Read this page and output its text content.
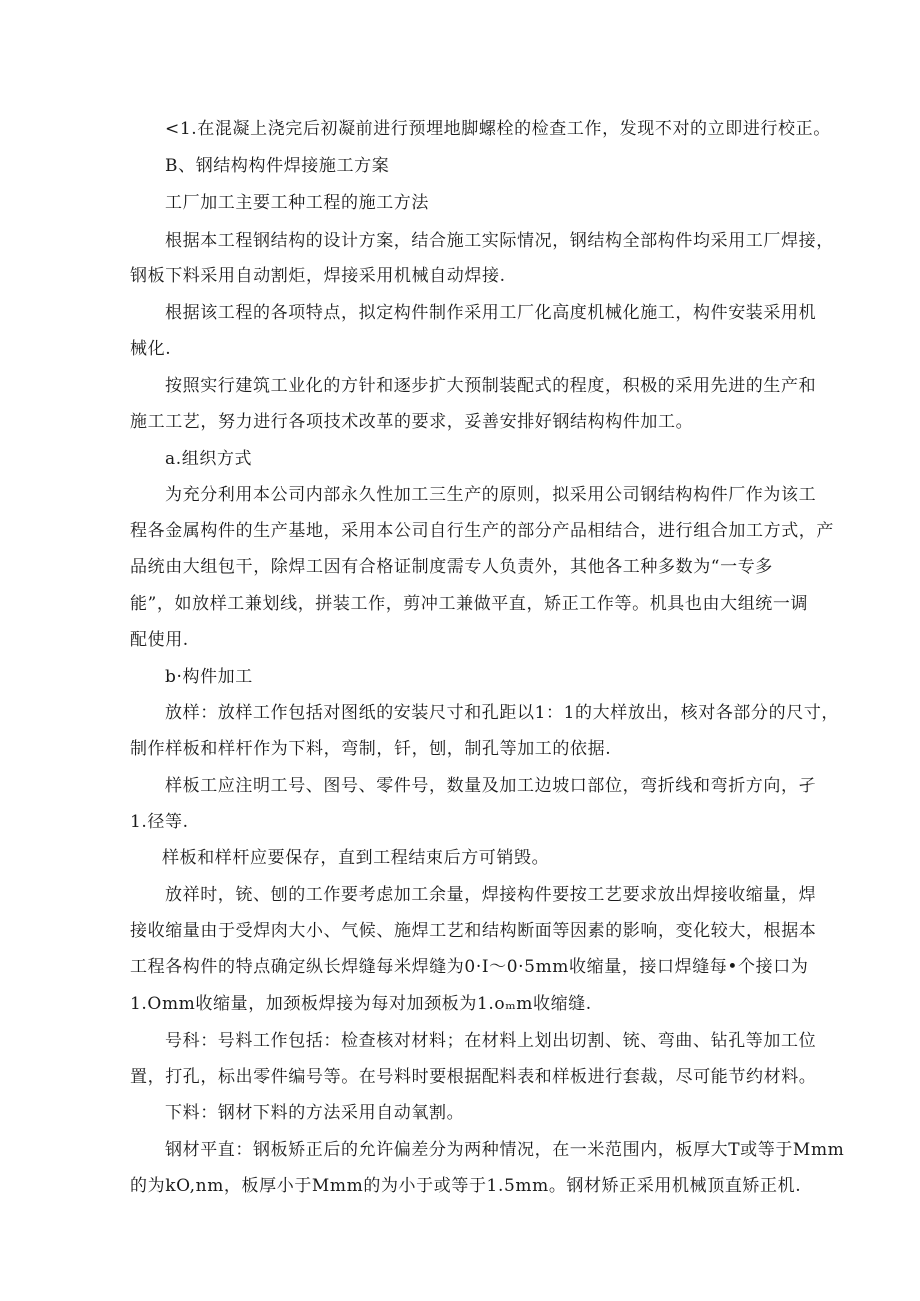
<1.在混凝上浇完后初凝前进行预埋地脚螺栓的检查工作，发现不对的立即进行校正。
B、钢结构构件焊接施工方案
工厂加工主要工种工程的施工方法
根据本工程钢结构的设计方案，结合施工实际情况，钢结构全部构件均采用工厂焊接，
钢板下料采用自动割炬，焊接采用机械自动焊接.
根据该工程的各项特点，拟定构件制作采用工厂化高度机械化施工，构件安装采用机
械化.
按照实行建筑工业化的方针和逐步扩大预制装配式的程度，积极的采用先进的生产和
施工工艺，努力进行各项技术改革的要求，妥善安排好钢结构构件加工。
a.组织方式
为充分利用本公司内部永久性加工三生产的原则，拟采用公司钢结构构件厂作为该工
程各金属构件的生产基地，采用本公司自行生产的部分产品相结合，进行组合加工方式，产
品统由大组包干，除焊工因有合格证制度需专人负责外，其他各工种多数为“一专多
能”，如放样工兼划线，拼装工作，剪冲工兼做平直，矫正工作等。机具也由大组统一调
配使用.
b·构件加工
放样：放样工作包括对图纸的安装尺寸和孔距以1：1的大样放出，核对各部分的尺寸，
制作样板和样杆作为下料，弯制，钎，刨，制孔等加工的依据.
样板工应注明工号、图号、零件号，数量及加工边坡口部位，弯折线和弯折方向，孑
1.径等.
样板和样杆应要保存，直到工程结束后方可销毁。
放祥时，铳、刨的工作要考虑加工余量，焊接构件要按工艺要求放出焊接收缩量，焊
接收缩量由于受焊肉大小、气候、施焊工艺和结构断面等因素的影响，变化较大，根据本
工程各构件的特点确定纵长焊缝每米焊缝为0·I〜0·5mm收缩量，接口焊缝每•个接口为
1.Omm收缩量，加颈板焊接为每对加颈板为1.oₘm收缩缝.
号科：号料工作包括：检查核对材料；在材料上划出切割、铳、弯曲、钻孔等加工位
置，打孔，标出零件编号等。在号料时要根据配料表和样板进行套裁，尽可能节约材料。
下料：钢材下料的方法采用自动氧割。
钢材平直：钢板矫正后的允许偏差分为两种情况，在一米范围内，板厚大T或等于Mmm
的为kO,nm，板厚小于Mmm的为小于或等于1.5mm。钢材矫正采用机械顶直矫正机.
